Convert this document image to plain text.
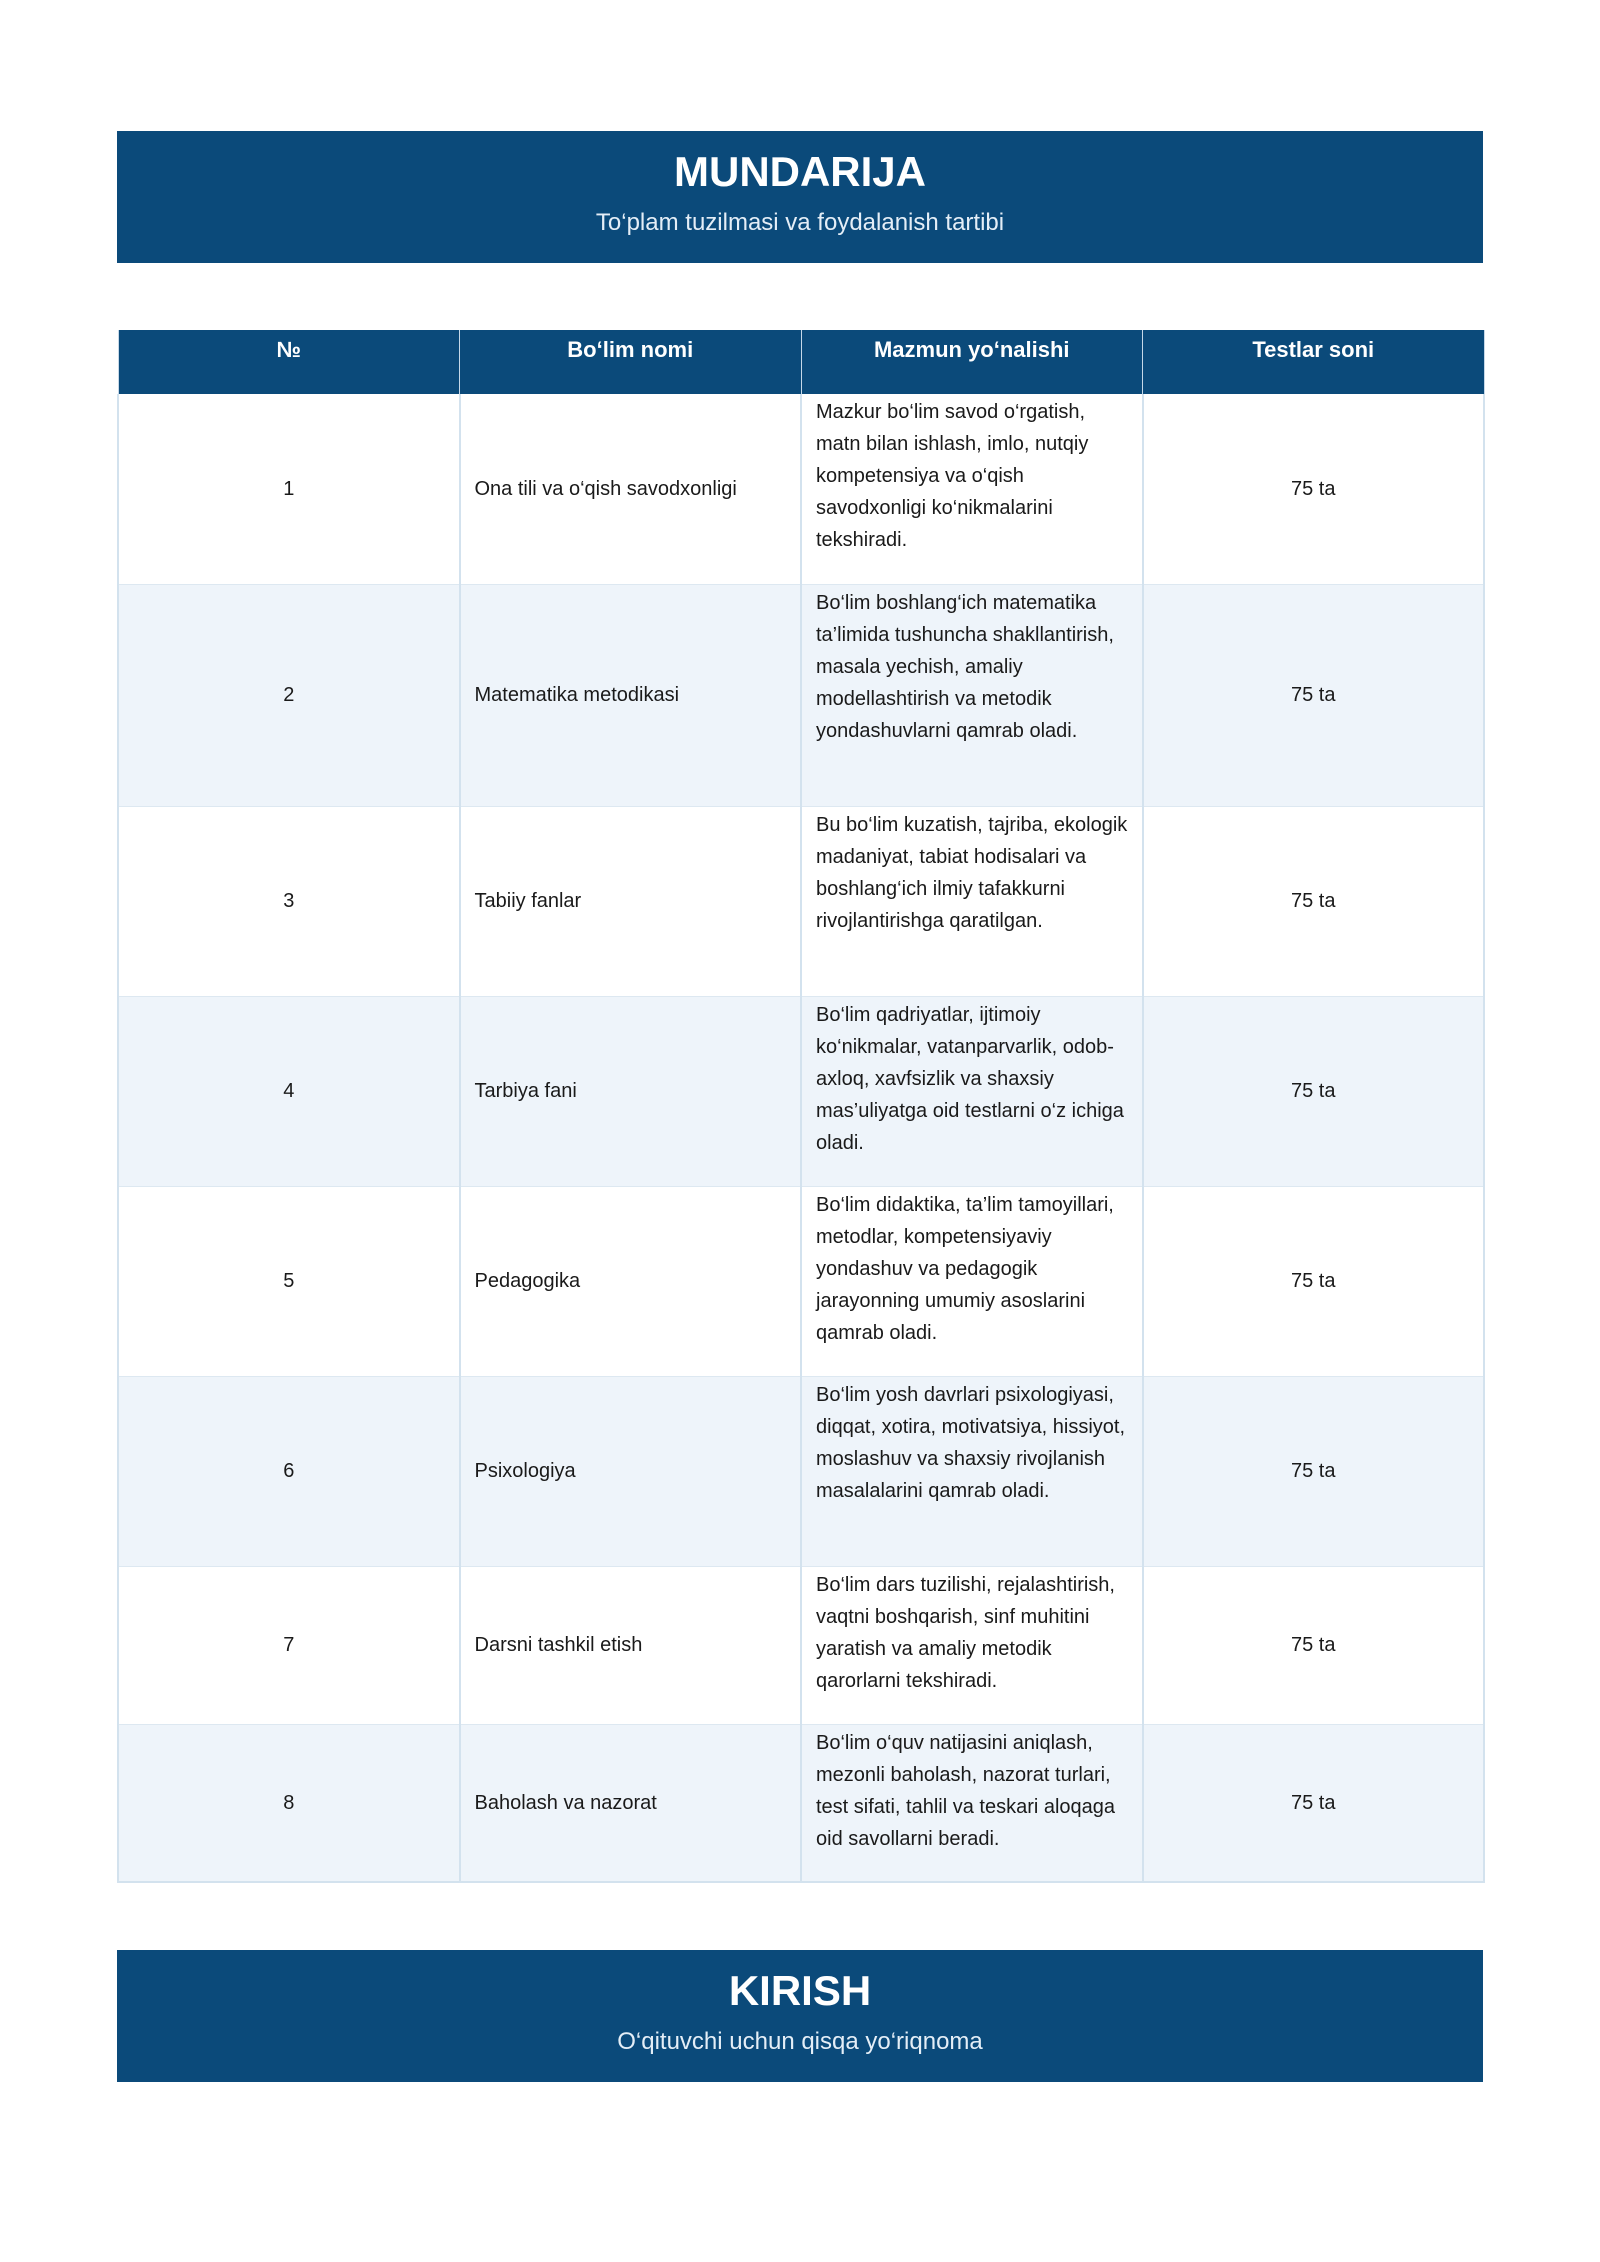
MUNDARIJA
To‘plam tuzilmasi va foydalanish tartibi
№	Bo‘lim nomi	Mazmun yo‘nalishi	Testlar soni
1	Ona tili va o‘qish savodxonligi	Mazkur bo‘lim savod o‘rgatish, matn bilan ishlash, imlo, nutqiy kompetensiya va o‘qish savodxonligi ko‘nikmalarini tekshiradi.	75 ta
2	Matematika metodikasi	Bo‘lim boshlang‘ich matematika ta’limida tushuncha shakllantirish, masala yechish, amaliy modellashtirish va metodik yondashuvlarni qamrab oladi.	75 ta
3	Tabiiy fanlar	Bu bo‘lim kuzatish, tajriba, ekologik madaniyat, tabiat hodisalari va boshlang‘ich ilmiy tafakkurni rivojlantirishga qaratilgan.	75 ta
4	Tarbiya fani	Bo‘lim qadriyatlar, ijtimoiy ko‘nikmalar, vatanparvarlik, odob-axloq, xavfsizlik va shaxsiy mas’uliyatga oid testlarni o‘z ichiga oladi.	75 ta
5	Pedagogika	Bo‘lim didaktika, ta’lim tamoyillari, metodlar, kompetensiyaviy yondashuv va pedagogik jarayonning umumiy asoslarini qamrab oladi.	75 ta
6	Psixologiya	Bo‘lim yosh davrlari psixologiyasi, diqqat, xotira, motivatsiya, hissiyot, moslashuv va shaxsiy rivojlanish masalalarini qamrab oladi.	75 ta
7	Darsni tashkil etish	Bo‘lim dars tuzilishi, rejalashtirish, vaqtni boshqarish, sinf muhitini yaratish va amaliy metodik qarorlarni tekshiradi.	75 ta
8	Baholash va nazorat	Bo‘lim o‘quv natijasini aniqlash, mezonli baholash, nazorat turlari, test sifati, tahlil va teskari aloqaga oid savollarni beradi.	75 ta
KIRISH
O‘qituvchi uchun qisqa yo‘riqnoma
